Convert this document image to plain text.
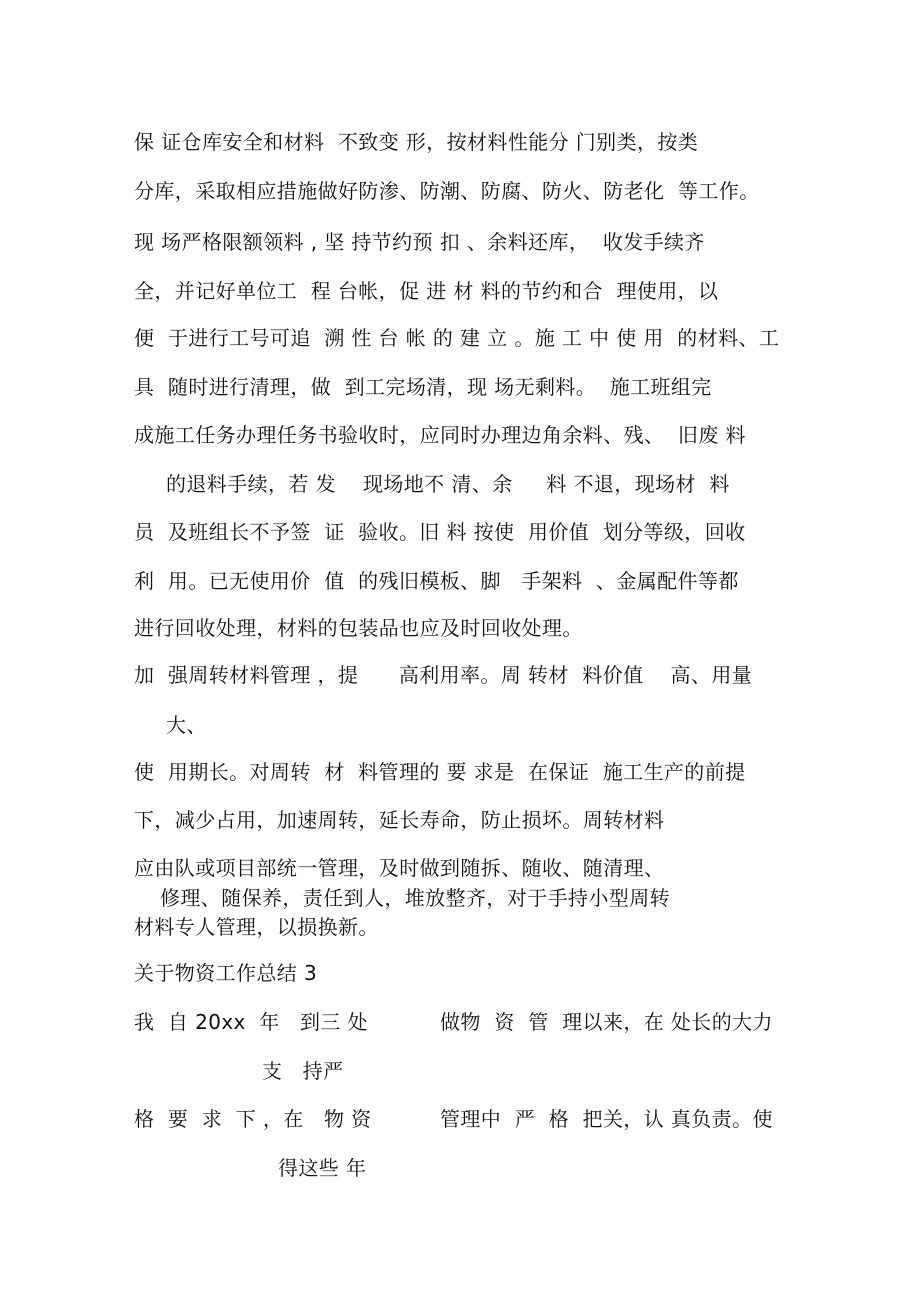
保 证仓库安全和材料  不致变 形，按材料性能分 门别类，按类
分库，采取相应措施做好防渗、防潮、防腐、防火、防老化  等工作。
现 场严格限额领料 , 坚 持节约预 扣 、余料还库，  收发手续齐
全，并记好单位工  程 台帐，促 进 材 料的节约和合  理使用，以
便  于进行工号可追  溯 性 台 帐 的 建 立 。施 工 中 使 用  的材料、工
具  随时进行清理，做  到工完场清，现 场无剩料。  施工班组完
成施工任务办理任务书验收时，应同时办理边角余料、残、  旧废 料
的退料手续，若 发    现场地不 清、余     料 不退，现场材  料
员  及班组长不予签  证  验收。旧 料 按使  用价值  划分等级，回收
利  用。已无使用价  值  的残旧模板、脚   手架料  、金属配件等都
进行回收处理，材料的包装品也应及时回收处理。
加  强周转材料管理 ，提      高利用率。周 转材  料价值    高、用量
大、
使  用期长。对周转  材  料管理的 要 求是  在保证  施工生产的前提
下，减少占用，加速周转，延长寿命，防止损坏。周转材料
应由队或项目部统一管理，及时做到随拆、随收、随清理、
修理、随保养，责任到人，堆放整齐，对于手持小型周转
材料专人管理，以损换新。
关于物资工作总结 3
我  自 20xx  年   到三 处	做物  资  管  理以来，在 处长的大力
支   持严
格  要  求  下 ，在   物 资	管理中  严  格  把关，认 真负责。使
得这些 年
